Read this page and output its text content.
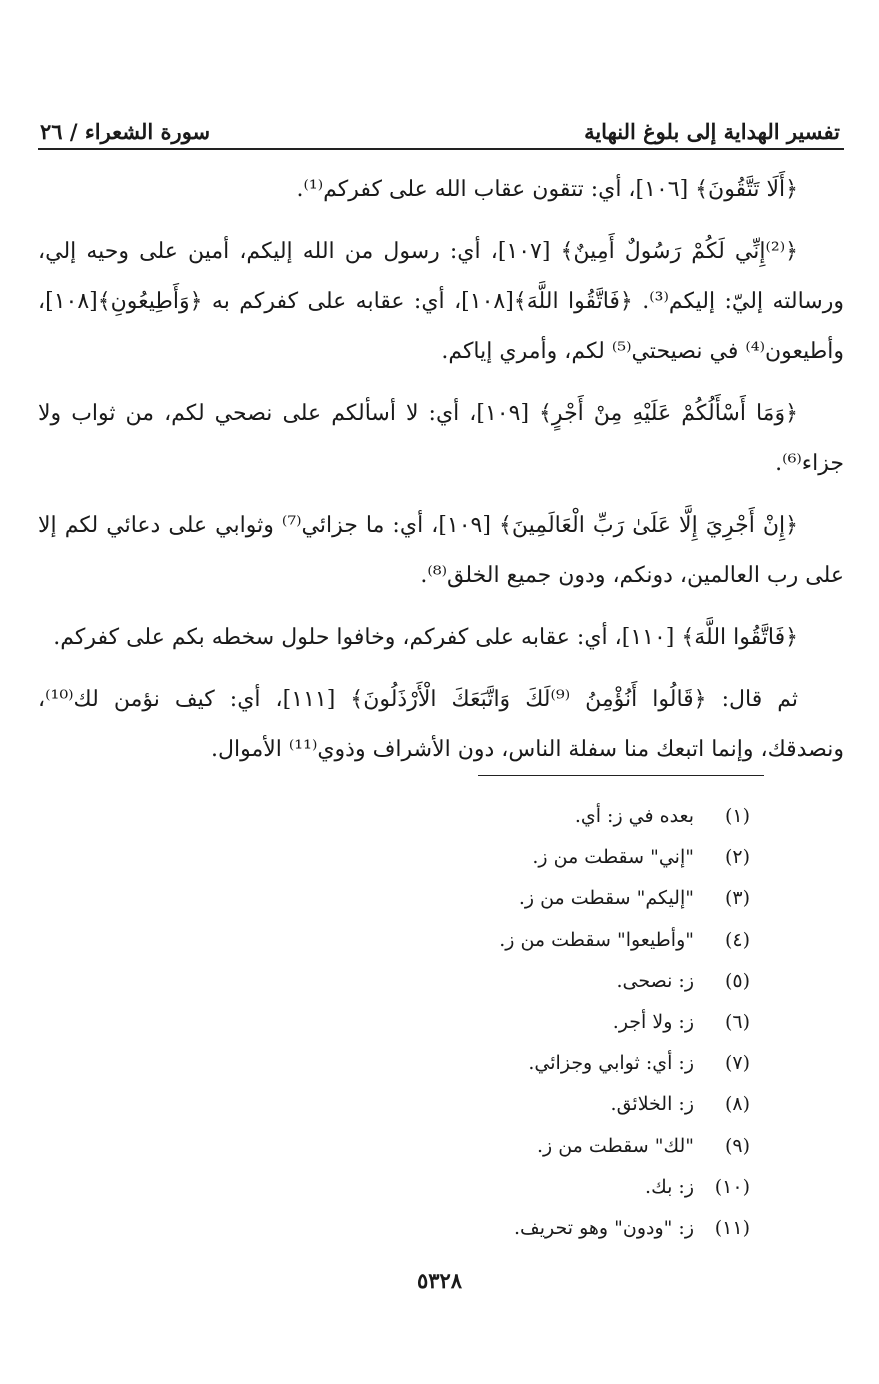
تفسير الهداية إلى بلوغ النهاية
سورة الشعراء / ٢٦

﴿أَلَا تَتَّقُونَ﴾ [١٠٦]، أي: تتقون عقاب الله على كفركم⁽¹⁾.

﴿⁽²⁾إِنِّي لَكُمْ رَسُولٌ أَمِينٌ﴾ [١٠٧]، أي: رسول من الله إليكم، أمين على وحيه إلي، ورسالته إليّ: إليكم⁽³⁾. ﴿فَاتَّقُوا اللَّهَ﴾[١٠٨]، أي: عقابه على كفركم به ﴿وَأَطِيعُونِ﴾[١٠٨]، وأطيعون⁽⁴⁾ في نصيحتي⁽⁵⁾ لكم، وأمري إياكم.

﴿وَمَا أَسْأَلُكُمْ عَلَيْهِ مِنْ أَجْرٍ﴾ [١٠٩]، أي: لا أسألكم على نصحي لكم، من ثواب ولا جزاء⁽⁶⁾.

﴿إِنْ أَجْرِيَ إِلَّا عَلَىٰ رَبِّ الْعَالَمِينَ﴾ [١٠٩]، أي: ما جزائي⁽⁷⁾ وثوابي على دعائي لكم إلا على رب العالمين، دونكم، ودون جميع الخلق⁽⁸⁾.

﴿فَاتَّقُوا اللَّهَ﴾ [١١٠]، أي: عقابه على كفركم، وخافوا حلول سخطه بكم على كفركم.

ثم قال: ﴿قَالُوا أَنُؤْمِنُ ⁽⁹⁾لَكَ وَاتَّبَعَكَ الْأَرْذَلُونَ﴾ [١١١]، أي: كيف نؤمن لك⁽¹⁰⁾، ونصدقك، وإنما اتبعك منا سفلة الناس، دون الأشراف وذوي⁽¹¹⁾ الأموال.

(١)
بعده في ز: أي.
(٢)
"إني" سقطت من ز.
(٣)
"إليكم" سقطت من ز.
(٤)
"وأطيعوا" سقطت من ز.
(٥)
ز: نصحى.
(٦)
ز: ولا أجر.
(٧)
ز: أي: ثوابي وجزائي.
(٨)
ز: الخلائق.
(٩)
"لك" سقطت من ز.
(١٠)
ز: بك.
(١١)
ز: "ودون" وهو تحريف.
٥٣٢٨
